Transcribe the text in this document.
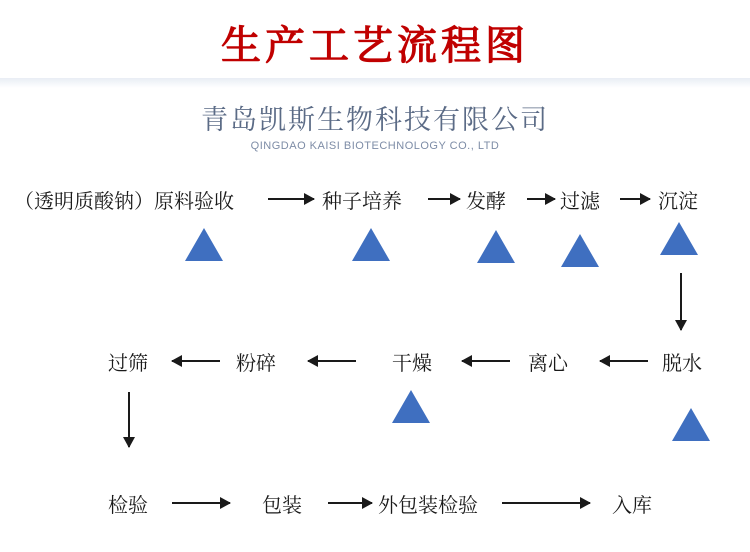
生产工艺流程图
青岛凯斯生物科技有限公司
QINGDAO KAISI BIOTECHNOLOGY CO., LTD
（透明质酸钠）原料验收	种子培养	发酵	过滤	沉淀
过筛	粉碎	干燥	离心	脱水
检验	包装	外包装检验	入库
